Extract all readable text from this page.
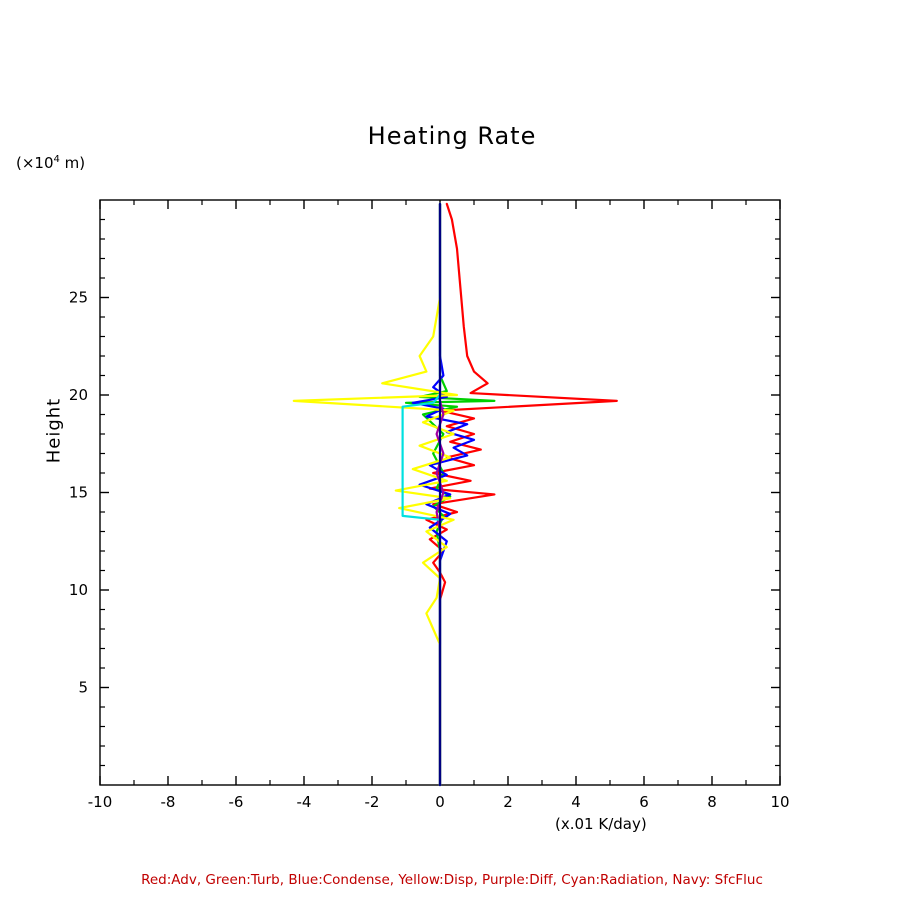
Heating Rate
($\times 10^4$ m)
Height
(x.01 K/day)
-10	-8	-6	-4	-2	0	2	4	6	8	10
5
10
15
20
25
Red:Adv, Green:Turb, Blue:Condense, Yellow:Disp, Purple:Diff, Cyan:Radiation, Navy: SfcFluc
